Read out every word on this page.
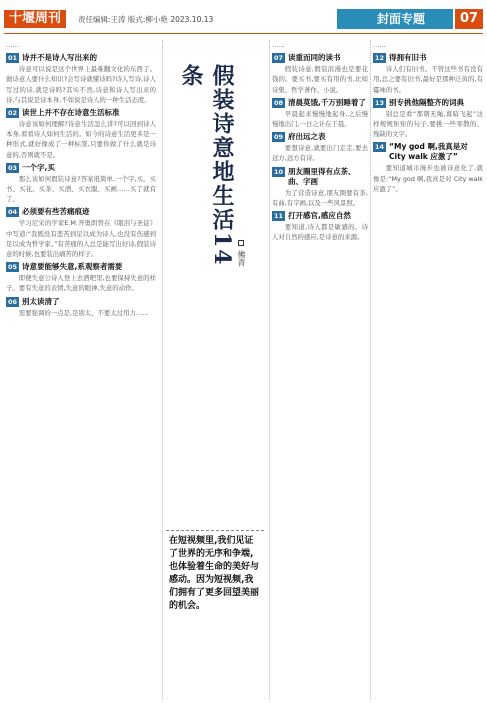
十堰周刊	责任编辑:王涛 版式:柳小艳 2023.10.13	封面专题	07
……
01 诗并不是诗人写出来的
诗意可以说是这个世界上最难翻文化的东西了。做诗意人要什么知识?会写诗就懂诗吗?诗人写诗,诗人写过的诗,就是诗吗?其实不然,诗意和诗人写出来的诗,与其说是诗本身,不如说是诗人的一种生活态度。
02 读世上并不存在诗意生活标准
诗意该如何理解?诗意生活怎么讲?可以回到诗人本身,看看诗人如何生活的。如今的诗意生活更多是一种形式,就好像成了一种标签,只要你做了什么就是诗意的,否则就不是。
03 一个字,买
那么该如何假装诗意?答案很简单,一个字,买。买书、买花、买茶、买酒、买衣服、买画……买了就有了。
04 必须要有些苦痛痕迹
学习尼采的学家E.M.齐奥朗曾在《眼泪与圣徒》中写道:“我既没有悲苦到足以成为诗人,也没有伤感到足以成为哲学家。”有苦痛的人总是能写出好诗,假装诗意的时候,也要装出痛苦的样子。
05 诗意要能够失意,系观察者需要
即便失意公诗人登上去酒吧里,也要保持失意的样子。要有失意的表情,失意的眼神,失意的动作。
06 别太读清了
需要强调的一点是,是别太、不要太过用力……
假装诗意地生活14条
佛青
在短视频里,我们见证了世界的无序和争端,也体验着生命的美好与感动。因为短视频,我们拥有了更多回望美丽的机会。
……
07 读重而同的读书
假装诗意,假装浪漫也是要花钱的。要买书,要买有用的书,比如诗集、哲学著作、小说。
08 清晨莫饿,千万别睡着了
早晨起来慢慢地起身,之后慢慢地出门,一日之计在于晨。
09 府出远之表
要想诗意,就要出门走走,要去远方,远方有诗。
10 朋友圈里得有点茶、曲、字画
为了营造诗意,朋友圈要有茶,有曲,有字画,以及一些风景照。
11 打开感官,感应自然
要知道,诗人都是敏感的。诗人对自然的感应,是诗意的来源。
……
12 得拥有旧书
诗人们有旧书。不管这些书有没有用,总之要有旧书,最好是那种泛黄的,有霉味的书。
13 别专挑他隔整齐的词典
别总是看“那朝无绳,暮暗飞起”这样规规矩矩的句子,要挑一些零散的、残缺的文字。
14 “My god 啊,我真是对 City walk 应激了”
要知道城市漫步也被诗意化了,就像是:“My god 啊,我真是对 City walk 应激了”。
